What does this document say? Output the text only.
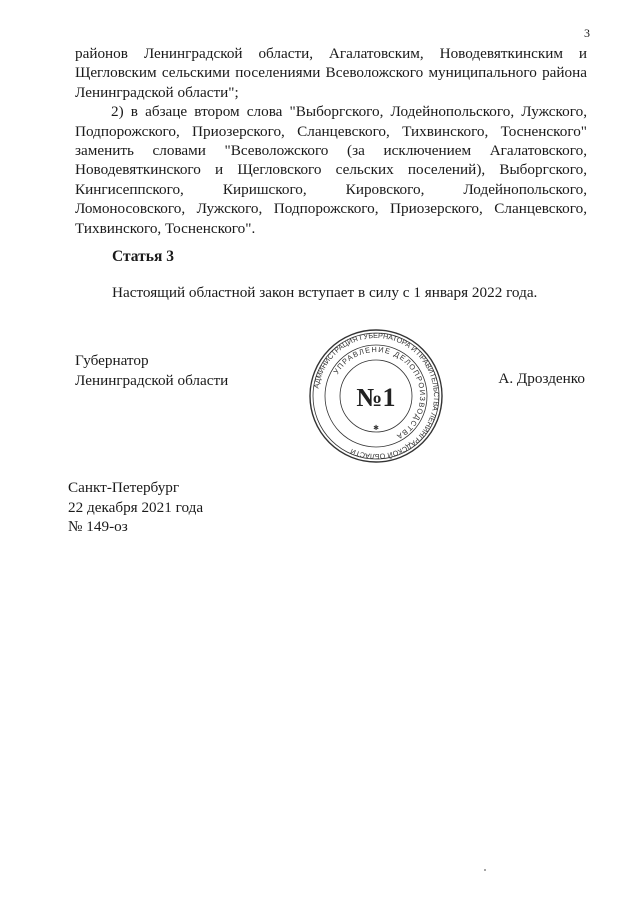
3

районов Ленинградской области, Агалатовским, Новодевяткинским и Щегловским сельскими поселениями Всеволожского муниципального района Ленинградской области";

2) в абзаце втором слова "Выборгского, Лодейнопольского, Лужского, Подпорожского, Приозерского, Сланцевского, Тихвинского, Тосненского" заменить словами "Всеволожского (за исключением Агалатовского, Новодевяткинского и Щегловского сельских поселений), Выборгского, Кингисеппского, Киришского, Кировского, Лодейнопольского, Ломоносовского, Лужского, Подпорожского, Приозерского, Сланцевского, Тихвинского, Тосненского".

Статья 3
Настоящий областной закон вступает в силу с 1 января 2022 года.
Губернатор
Ленинградской области	АДМИНИСТРАЦИЯ ГУБЕРНАТОРА И ПРАВИТЕЛЬСТВА ЛЕНИНГРАДСКОЙ ОБЛАСТИ
УПРАВЛЕНИЕ ДЕЛОПРОИЗВОДСТВА
№1
✱
А. Дрозденко
Санкт-Петербург
22 декабря 2021 года
№ 149-оз
